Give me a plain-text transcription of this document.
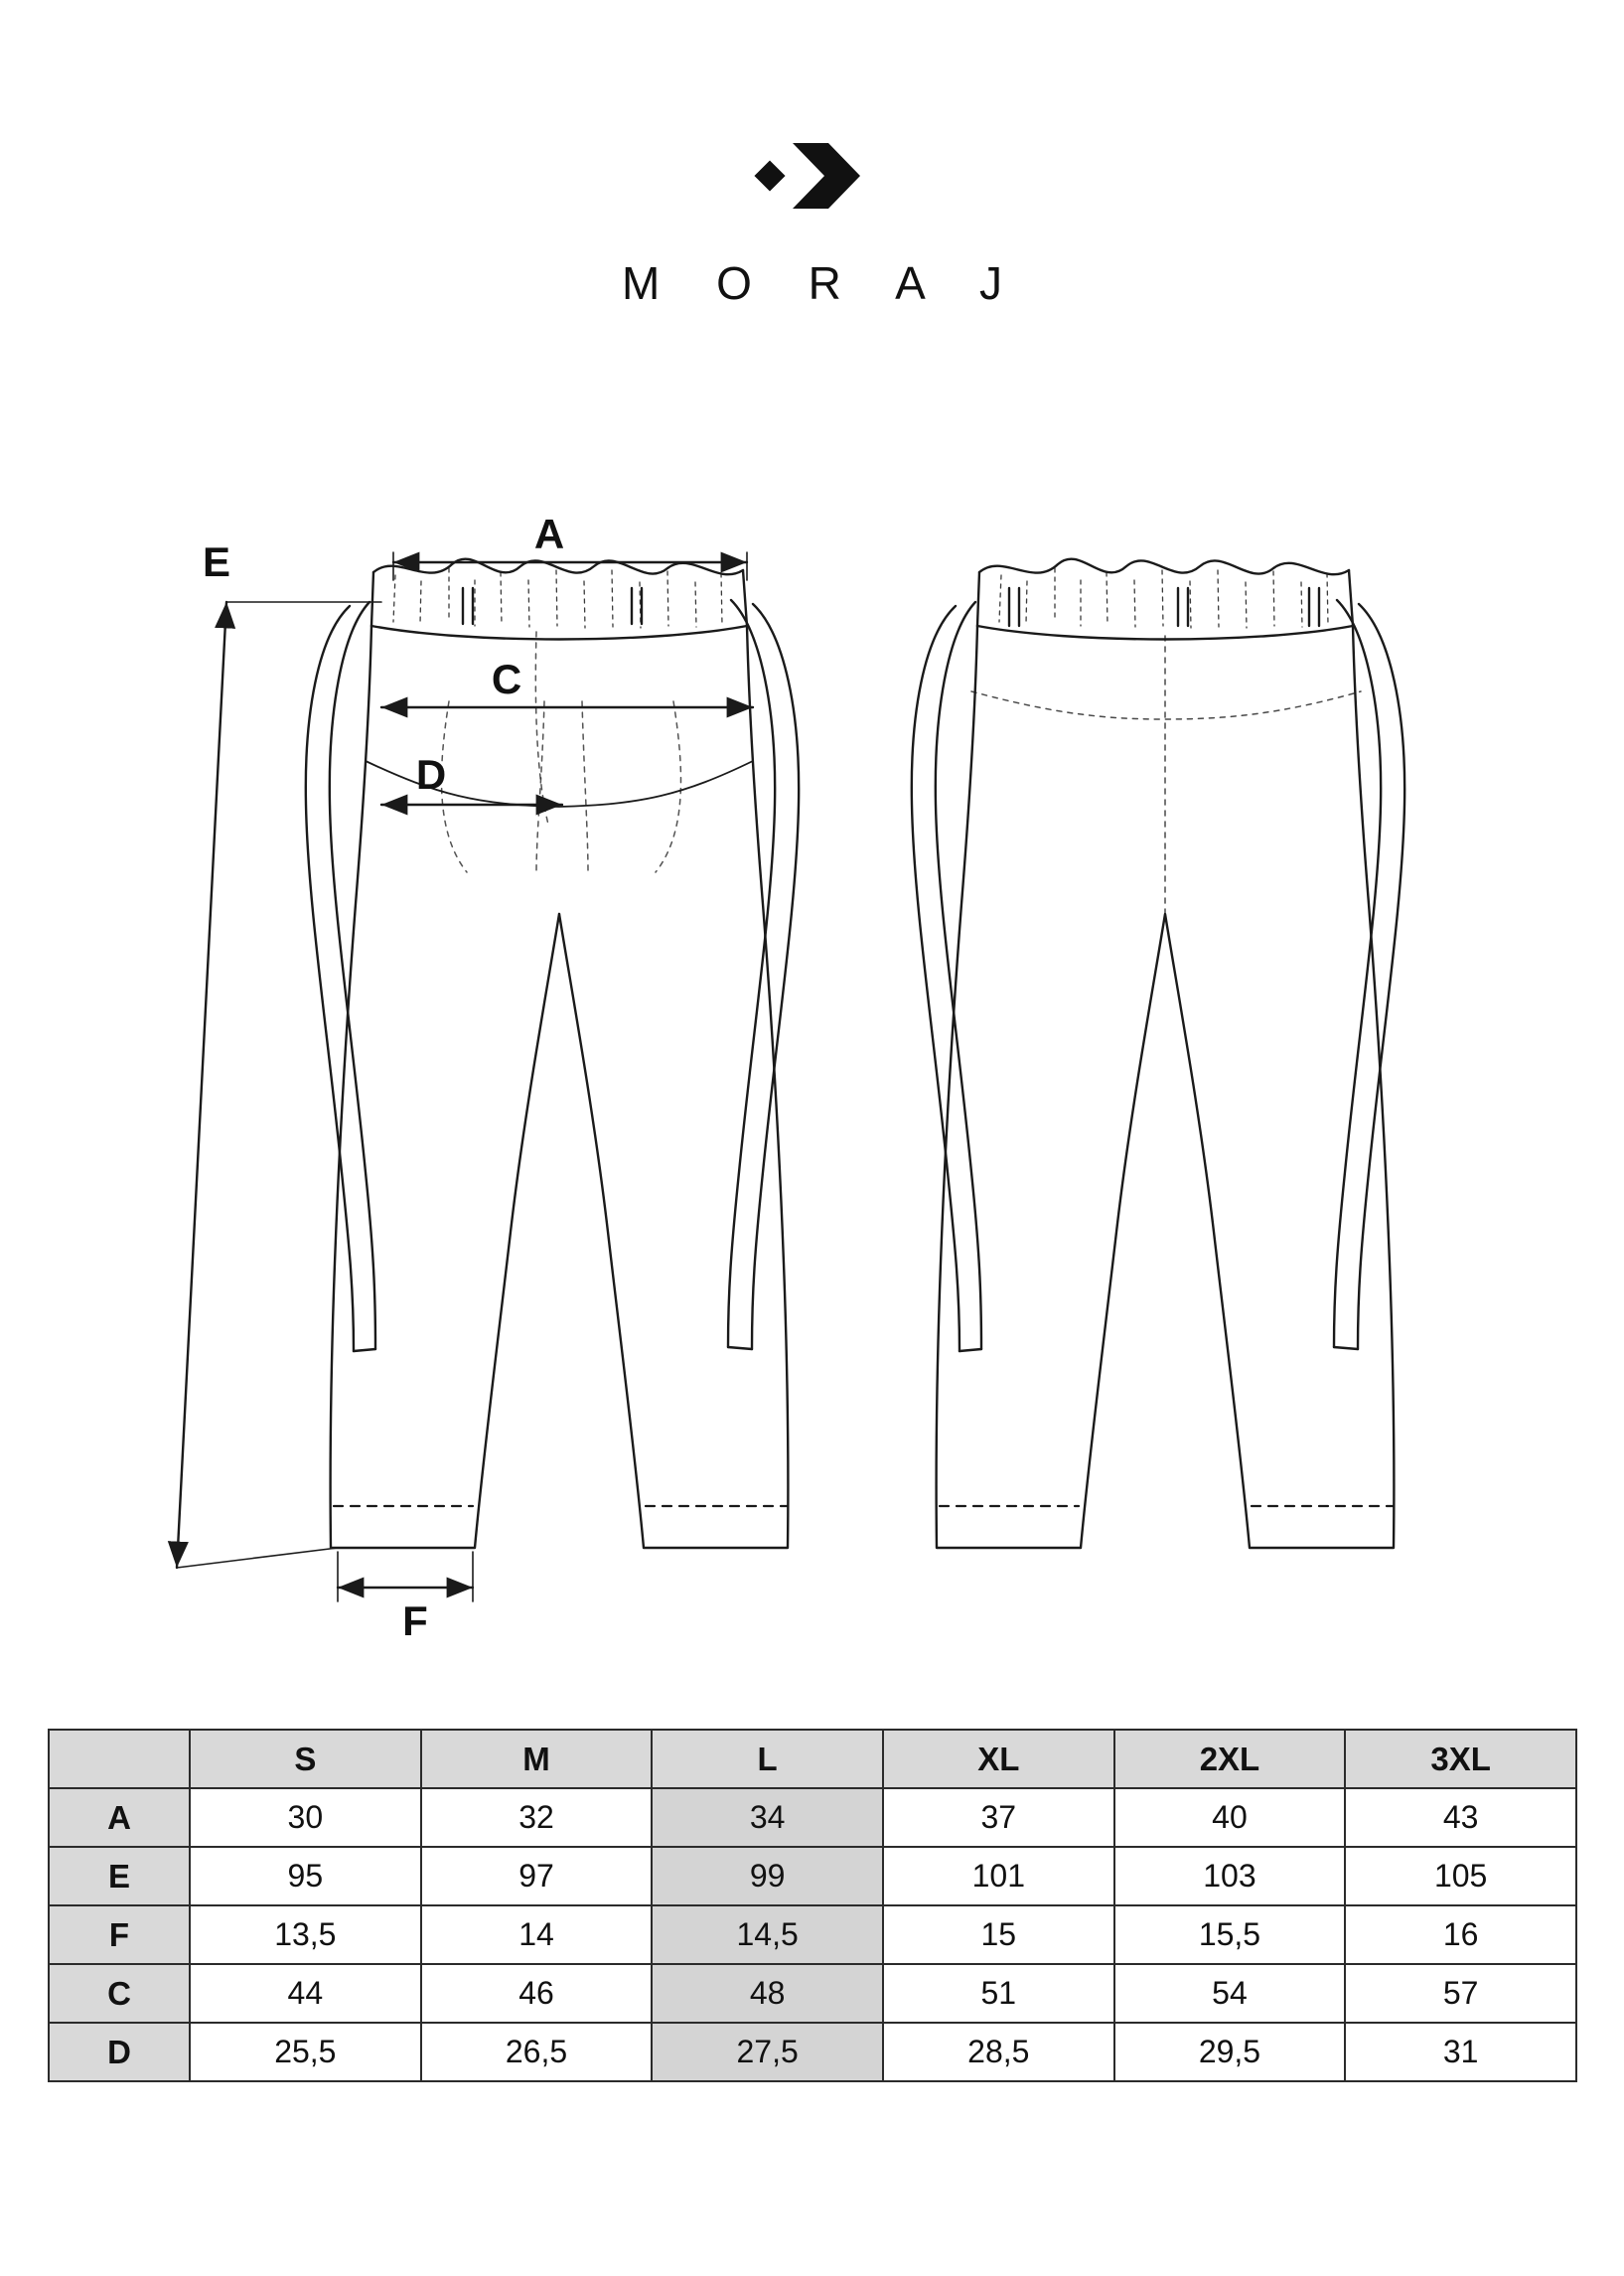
M O R A J
A
E
C
D
F
	S	M	L	XL	2XL	3XL
A	30	32	34	37	40	43
E	95	97	99	101	103	105
F	13,5	14	14,5	15	15,5	16
C	44	46	48	51	54	57
D	25,5	26,5	27,5	28,5	29,5	31
